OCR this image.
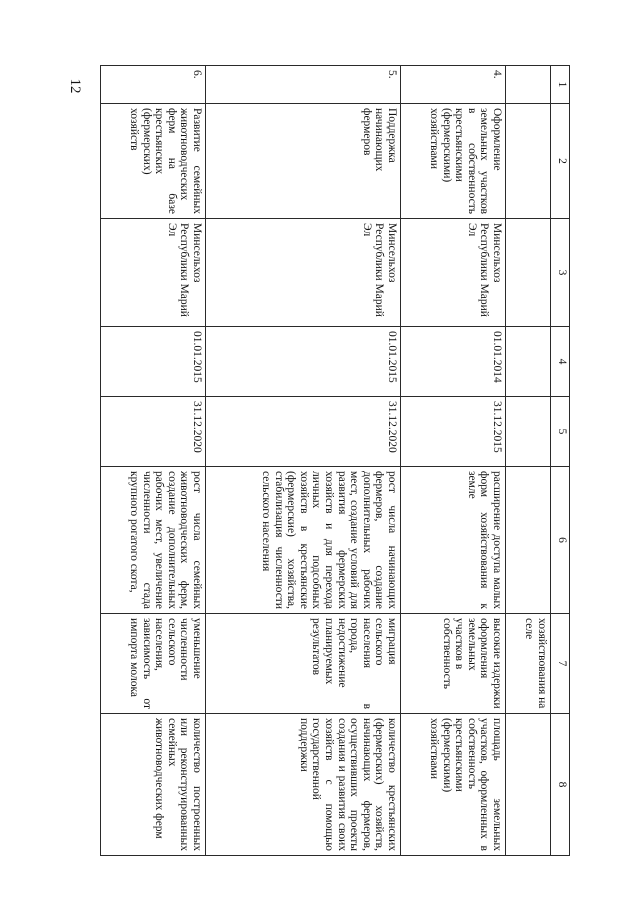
12	1	2	3	4	5	6	7	8
						хозяйствования на селе	
4.	Оформление земельных участков в собственность крестьянскими (фермерскими) хозяйствами	Минсельхоз Республики Марий Эл	01.01.2014	31.12.2015	расширение доступа малых форм хозяйствования к земле	высокие издержки оформления земельных участков в собственность	площадь земельных участков, оформленных в собственность крестьянскими (фермерскими) хозяйствами
5.	Поддержка начинающих фермеров	Минсельхоз Республики Марий Эл	01.01.2015	31.12.2020	рост числа начинающих фермеров, создание дополнительных рабочих мест, создание условий для развития фермерских хозяйств и для перехода личных подсобных хозяйств в крестьянские (фермерские) хозяйства, стабилизация численности сельского населения	миграция сельского населения в города, недостижение планируемых результатов	количество крестьянских (фермерских) хозяйств, начинающих фермеров, осуществивших проекты создания и развития своих хозяйств с помощью государственной поддержки
6.	Развитие семейных животноводческих ферм на базе крестьянских (фермерских) хозяйств	Минсельхоз Республики Марий Эл	01.01.2015	31.12.2020	рост числа семейных животноводческих ферм, создание дополнительных рабочих мест, увеличение численности стада крупного рогатого скота,	уменьшение численности сельского населения, зависимость от импорта молока	количество построенных или реконструированных семейных животноводческих ферм
